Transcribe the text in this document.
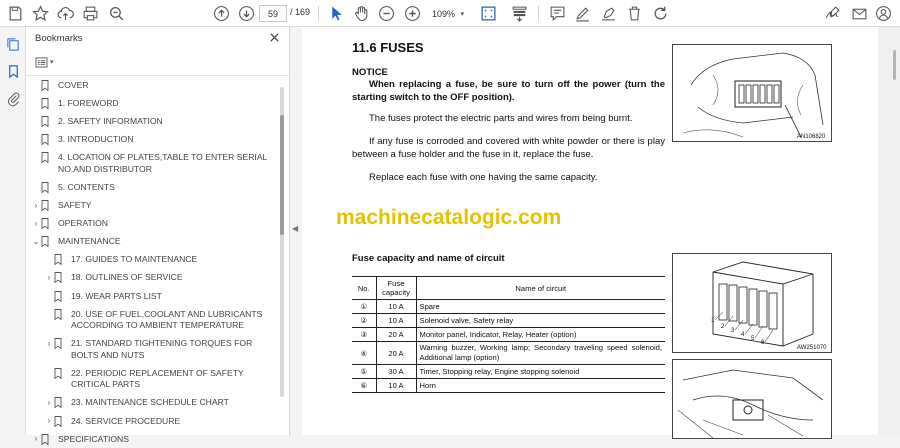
59	/ 169	109% ▾
Bookmarks
▾
COVER
1. FOREWORD
2. SAFETY INFORMATION
3. INTRODUCTION
4. LOCATION OF PLATES,TABLE TO ENTER SERIAL NO.AND DISTRIBUTOR
5. CONTENTS
›	SAFETY
›	OPERATION
⌄ MAINTENANCE
17. GUIDES TO MAINTENANCE
›	18. OUTLINES OF SERVICE
19. WEAR PARTS LIST
20. USE OF FUEL,COOLANT AND LUBRICANTS ACCORDING TO AMBIENT TEMPERATURE
›	21. STANDARD TIGHTENING TORQUES FOR BOLTS AND NUTS
22. PERIODIC REPLACEMENT OF SAFETY CRITICAL PARTS
›	23. MAINTENANCE SCHEDULE CHART
›	24. SERVICE PROCEDURE
›	SPECIFICATIONS
◀
11.6 FUSES
NOTICE
When replacing a fuse, be sure to turn off the power (turn the starting switch to the OFF position).
The fuses protect the electric parts and wires from being burnt.
If any fuse is corroded and covered with white powder or there is play between a fuse holder and the fuse in it, replace the fuse.
Replace each fuse with one having the same capacity.
machinecatalogic.com
Fuse capacity and name of circuit
No.	Fuse capacity	Name of circuit
①	10 A	Spare
②	10 A	Solenoid valve, Safety relay
③	20 A	Monitor panel, Indicator, Relay, Heater (option)
④	20 A	Warning buzzer, Working lamp; Secondary traveling speed solenoid, Additional lamp (option)
⑤	30 A	Timer, Stopping relay, Engine stopping solenoid
⑥	10 A	Horn
AN106820
1
2
3
4
5
6
AW251070
